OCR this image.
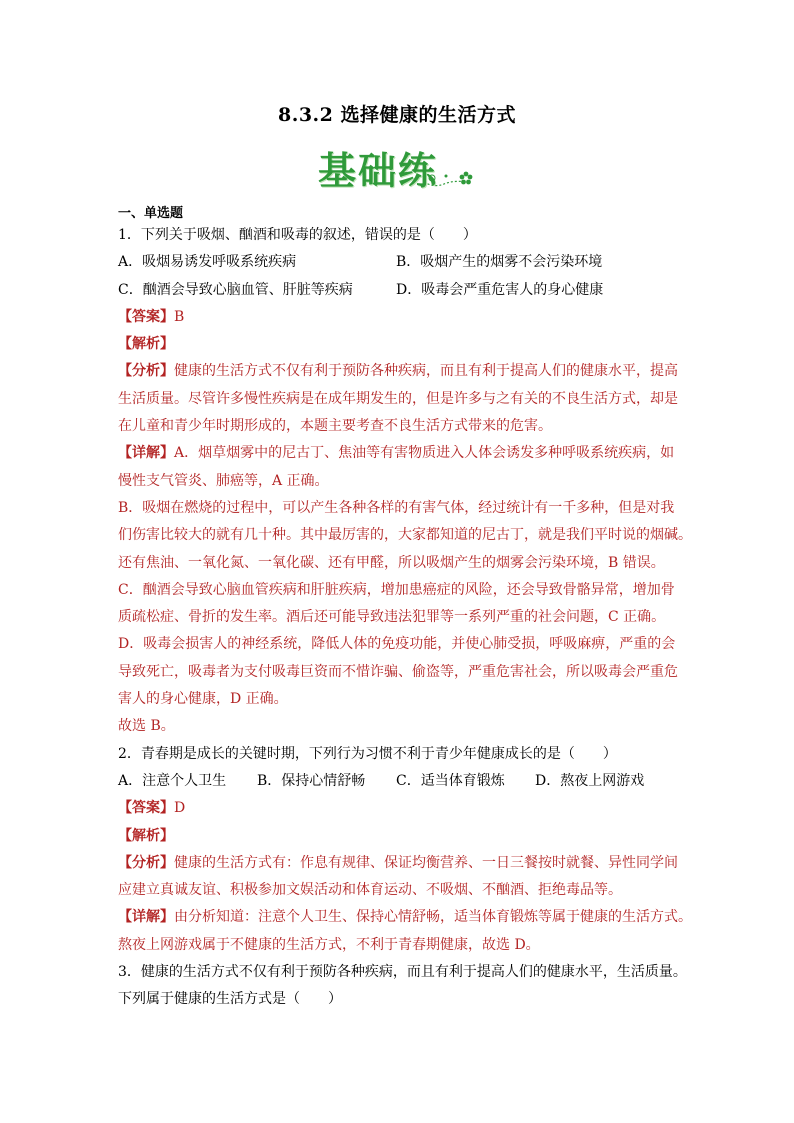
8.3.2 选择健康的生活方式
基础练
一、单选题
1．下列关于吸烟、酗酒和吸毒的叙述，错误的是（　　）
A．吸烟易诱发呼吸系统疾病	B．吸烟产生的烟雾不会污染环境
C．酗酒会导致心脑血管、肝脏等疾病	D．吸毒会严重危害人的身心健康
【答案】B
【解析】
【分析】健康的生活方式不仅有利于预防各种疾病，而且有利于提高人们的健康水平，提高
生活质量。尽管许多慢性疾病是在成年期发生的，但是许多与之有关的不良生活方式，却是
在儿童和青少年时期形成的，本题主要考查不良生活方式带来的危害。
【详解】A．烟草烟雾中的尼古丁、焦油等有害物质进入人体会诱发多种呼吸系统疾病，如
慢性支气管炎、肺癌等，A 正确。
B．吸烟在燃烧的过程中，可以产生各种各样的有害气体，经过统计有一千多种，但是对我
们伤害比较大的就有几十种。其中最厉害的，大家都知道的尼古丁，就是我们平时说的烟碱。
还有焦油、一氧化氮、一氧化碳、还有甲醛，所以吸烟产生的烟雾会污染环境，B 错误。
C．酗酒会导致心脑血管疾病和肝脏疾病，增加患癌症的风险，还会导致骨骼异常，增加骨
质疏松症、骨折的发生率。酒后还可能导致违法犯罪等一系列严重的社会问题，C 正确。
D．吸毒会损害人的神经系统，降低人体的免疫功能，并使心肺受损，呼吸麻痹，严重的会
导致死亡，吸毒者为支付吸毒巨资而不惜诈骗、偷盗等，严重危害社会，所以吸毒会严重危
害人的身心健康，D 正确。
故选 B。
2．青春期是成长的关键时期，下列行为习惯不利于青少年健康成长的是（　　）
A．注意个人卫生	B．保持心情舒畅	C．适当体育锻炼	D．熬夜上网游戏
【答案】D
【解析】
【分析】健康的生活方式有：作息有规律、保证均衡营养、一日三餐按时就餐、异性同学间
应建立真诚友谊、积极参加文娱活动和体育运动、不吸烟、不酗酒、拒绝毒品等。
【详解】由分析知道：注意个人卫生、保持心情舒畅，适当体育锻炼等属于健康的生活方式。
熬夜上网游戏属于不健康的生活方式，不利于青春期健康，故选 D。
3．健康的生活方式不仅有利于预防各种疾病，而且有利于提高人们的健康水平，生活质量。
下列属于健康的生活方式是（　　）
